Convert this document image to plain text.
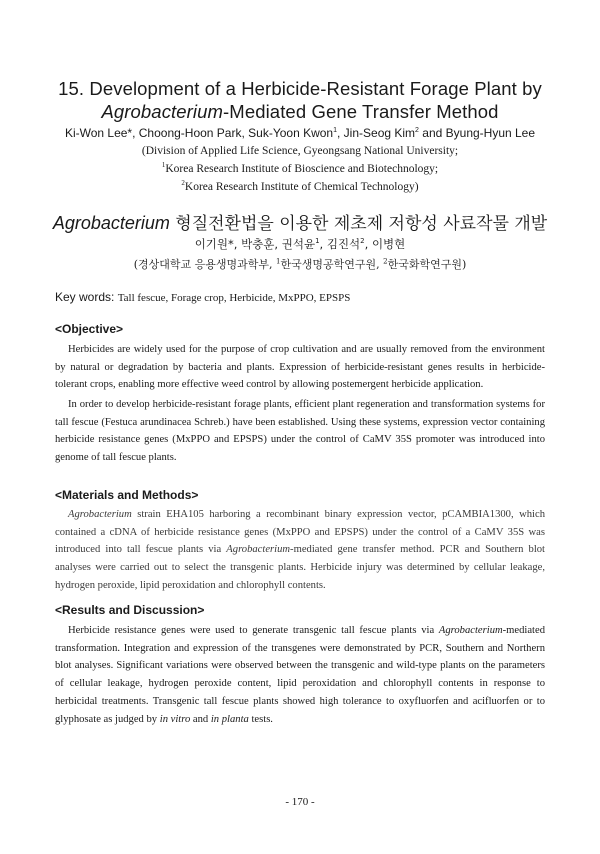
15. Development of a Herbicide-Resistant Forage Plant by
Agrobacterium-Mediated Gene Transfer Method
Ki-Won Lee*, Choong-Hoon Park, Suk-Yoon Kwon$^1$, Jin-Seog Kim$^2$ and Byung-Hyun Lee
(Division of Applied Life Science, Gyeongsang National University;
$^1$Korea Research Institute of Bioscience and Biotechnology;
$^2$Korea Research Institute of Chemical Technology)
Agrobacterium 형질전환법을 이용한 제초제 저항성 사료작물 개발
이기원*, 박충훈, 권석윤$^1$, 김진석$^2$, 이병현
(경상대학교 응용생명과학부, $^1$한국생명공학연구원, $^2$한국화학연구원)
Key words: Tall fescue, Forage crop, Herbicide, MxPPO, EPSPS
<Objective>

Herbicides are widely used for the purpose of crop cultivation and are usually removed from the environment by natural or degradation by bacteria and plants. Expression of herbicide-resistant genes results in herbicide-tolerant crops, enabling more effective weed control by allowing postemergent herbicide application.

In order to develop herbicide-resistant forage plants, efficient plant regeneration and transformation systems for tall fescue (Festuca arundinacea Schreb.) have been established. Using these systems, expression vector containing herbicide resistance genes (MxPPO and EPSPS) under the control of CaMV 35S promoter was introduced into genome of tall fescue plants.

<Materials and Methods>

Agrobacterium strain EHA105 harboring a recombinant binary expression vector, pCAMBIA1300, which contained a cDNA of herbicide resistance genes (MxPPO and EPSPS) under the control of a CaMV 35S was introduced into tall fescue plants via Agrobacterium-mediated gene transfer method. PCR and Southern blot analyses were carried out to select the transgenic plants. Herbicide injury was determined by cellular leakage, hydrogen peroxide, lipid peroxidation and chlorophyll contents.

<Results and Discussion>

Herbicide resistance genes were used to generate transgenic tall fescue plants via Agrobacterium-mediated transformation. Integration and expression of the transgenes were demonstrated by PCR, Southern and Northern blot analyses. Significant variations were observed between the transgenic and wild-type plants on the parameters of cellular leakage, hydrogen peroxide content, lipid peroxidation and chlorophyll contents in response to herbicidal treatments. Transgenic tall fescue plants showed high tolerance to oxyfluorfen and acifluorfen or to glyphosate as judged by in vitro and in planta tests.

- 170 -
